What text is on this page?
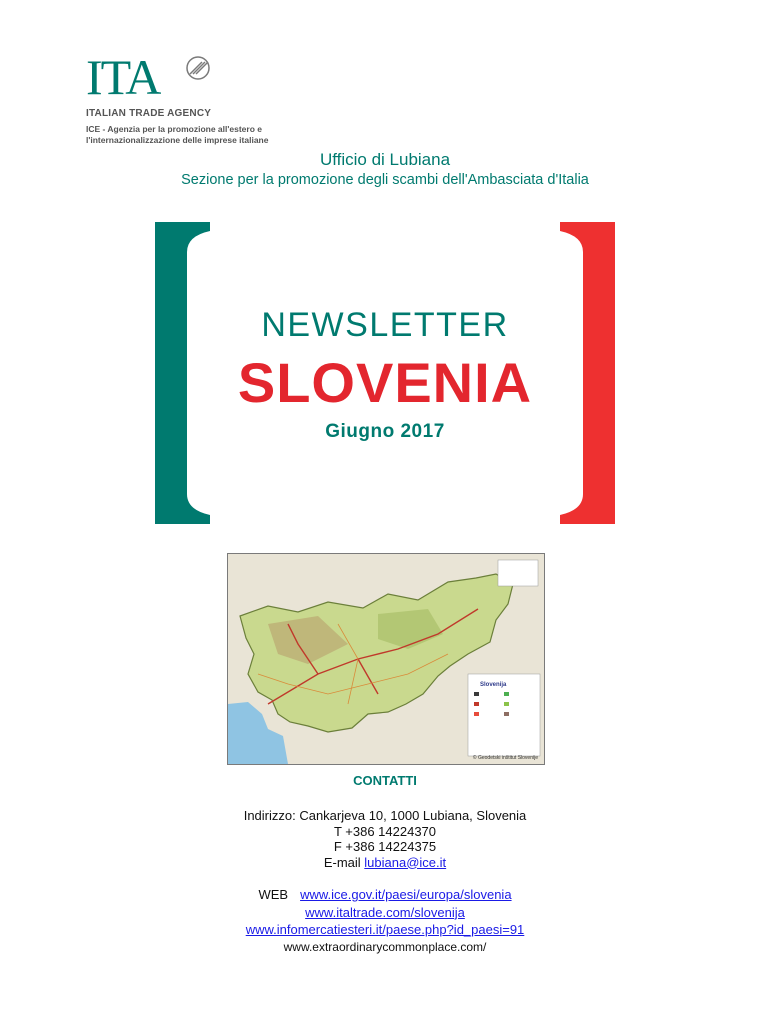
ITA
ITALIAN TRADE AGENCY
ICE - Agenzia per la promozione all'estero e
l'internazionalizzazione delle imprese italiane
Ufficio di Lubiana
Sezione per la promozione degli scambi dell'Ambasciata d'Italia
NEWSLETTER
SLOVENIA
Giugno 2017
Slovenija
© Geodetski inštitut Slovenije
CONTATTI
Indirizzo: Cankarjeva 10, 1000 Lubiana, Slovenia
T +386 14224370
F +386 14224375
E-mail lubiana@ice.it
WEB www.ice.gov.it/paesi/europa/slovenia
www.italtrade.com/slovenija
www.infomercatiesteri.it/paese.php?id_paesi=91
www.extraordinarycommonplace.com/
